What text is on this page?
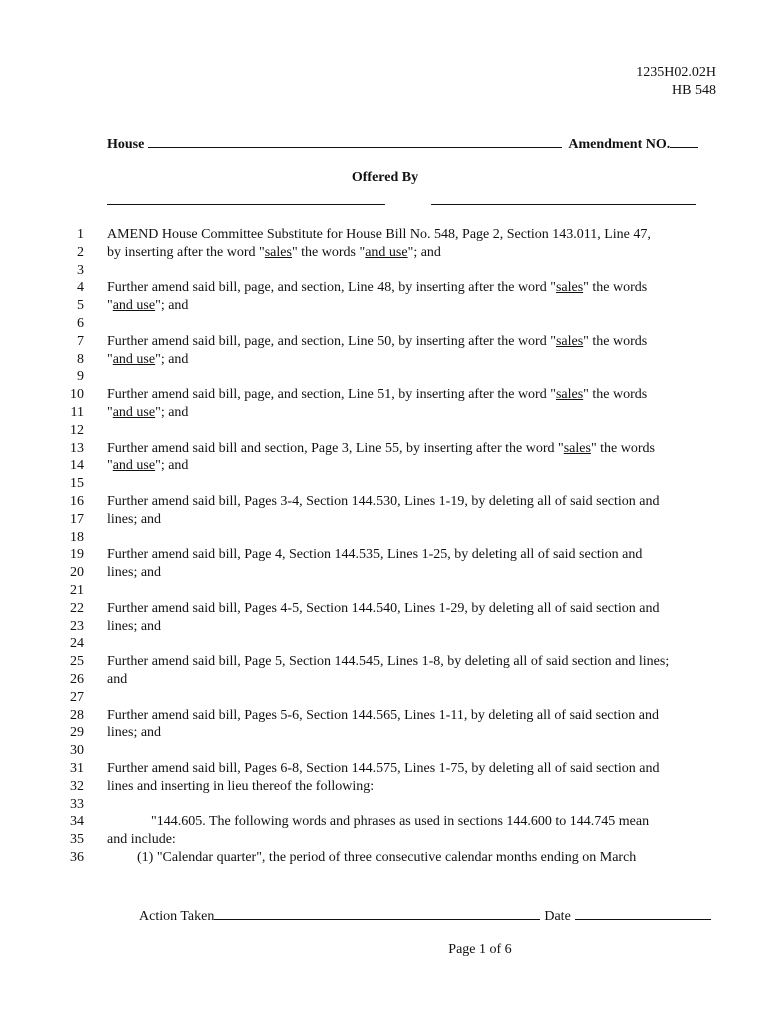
1235H02.02H
HB 548
House	Amendment NO.
Offered By
1 AMEND House Committee Substitute for House Bill No. 548, Page 2, Section 143.011, Line 47,
2 by inserting after the word "sales" the words "and use"; and
3
4 Further amend said bill, page, and section, Line 48, by inserting after the word "sales" the words
5 "and use"; and
6
7 Further amend said bill, page, and section, Line 50, by inserting after the word "sales" the words
8 "and use"; and
9
10 Further amend said bill, page, and section, Line 51, by inserting after the word "sales" the words
11 "and use"; and
12
13 Further amend said bill and section, Page 3, Line 55, by inserting after the word "sales" the words
14 "and use"; and
15
16 Further amend said bill, Pages 3-4, Section 144.530, Lines 1-19, by deleting all of said section and
17 lines; and
18
19 Further amend said bill, Page 4, Section 144.535, Lines 1-25, by deleting all of said section and
20 lines; and
21
22 Further amend said bill, Pages 4-5, Section 144.540, Lines 1-29, by deleting all of said section and
23 lines; and
24
25 Further amend said bill, Page 5, Section 144.545, Lines 1-8, by deleting all of said section and lines;
26 and
27
28 Further amend said bill, Pages 5-6, Section 144.565, Lines 1-11, by deleting all of said section and
29 lines; and
30
31 Further amend said bill, Pages 6-8, Section 144.575, Lines 1-75, by deleting all of said section and
32 lines and inserting in lieu thereof the following:
33
34	"144.605. The following words and phrases as used in sections 144.600 to 144.745 mean
35 and include:
36	(1) "Calendar quarter", the period of three consecutive calendar months ending on March
Action Taken	Date
Page 1 of 6
